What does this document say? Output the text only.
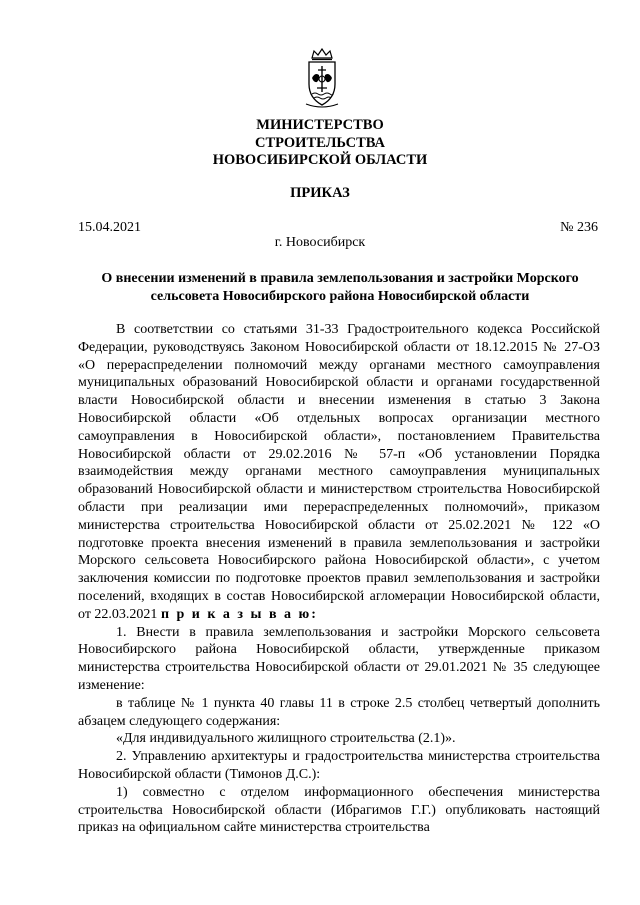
МИНИСТЕРСТВО
СТРОИТЕЛЬСТВА
НОВОСИБИРСКОЙ ОБЛАСТИ
ПРИКАЗ
15.04.2021	№ 236
г. Новосибирск
О внесении изменений в правила землепользования и застройки Морского
сельсовета Новосибирского района Новосибирской области

В соответствии со статьями 31-33 Градостроительного кодекса Российской Федерации, руководствуясь Законом Новосибирской области от 18.12.2015 № 27-ОЗ «О перераспределении полномочий между органами местного самоуправления муниципальных образований Новосибирской области и органами государственной власти Новосибирской области и внесении изменения в статью 3 Закона Новосибирской области «Об отдельных вопросах организации местного самоуправления в Новосибирской области», постановлением Правительства Новосибирской области от 29.02.2016 № 57-п «Об установлении Порядка взаимодействия между органами местного самоуправления муниципальных образований Новосибирской области и министерством строительства Новосибирской области при реализации ими перераспределенных полномочий», приказом министерства строительства Новосибирской области от 25.02.2021 № 122 «О подготовке проекта внесения изменений в правила землепользования и застройки Морского сельсовета Новосибирского района Новосибирской области», с учетом заключения комиссии по подготовке проектов правил землепользования и застройки поселений, входящих в состав Новосибирской агломерации Новосибирской области, от 22.03.2021 п р и к а з ы в а ю:

1. Внести в правила землепользования и застройки Морского сельсовета Новосибирского района Новосибирской области, утвержденные приказом министерства строительства Новосибирской области от 29.01.2021 № 35 следующее изменение:

в таблице № 1 пункта 40 главы 11 в строке 2.5 столбец четвертый дополнить абзацем следующего содержания:

«Для индивидуального жилищного строительства (2.1)».

2. Управлению архитектуры и градостроительства министерства строительства Новосибирской области (Тимонов Д.С.):

1) совместно с отделом информационного обеспечения министерства строительства Новосибирской области (Ибрагимов Г.Г.) опубликовать настоящий приказ на официальном сайте министерства строительства
